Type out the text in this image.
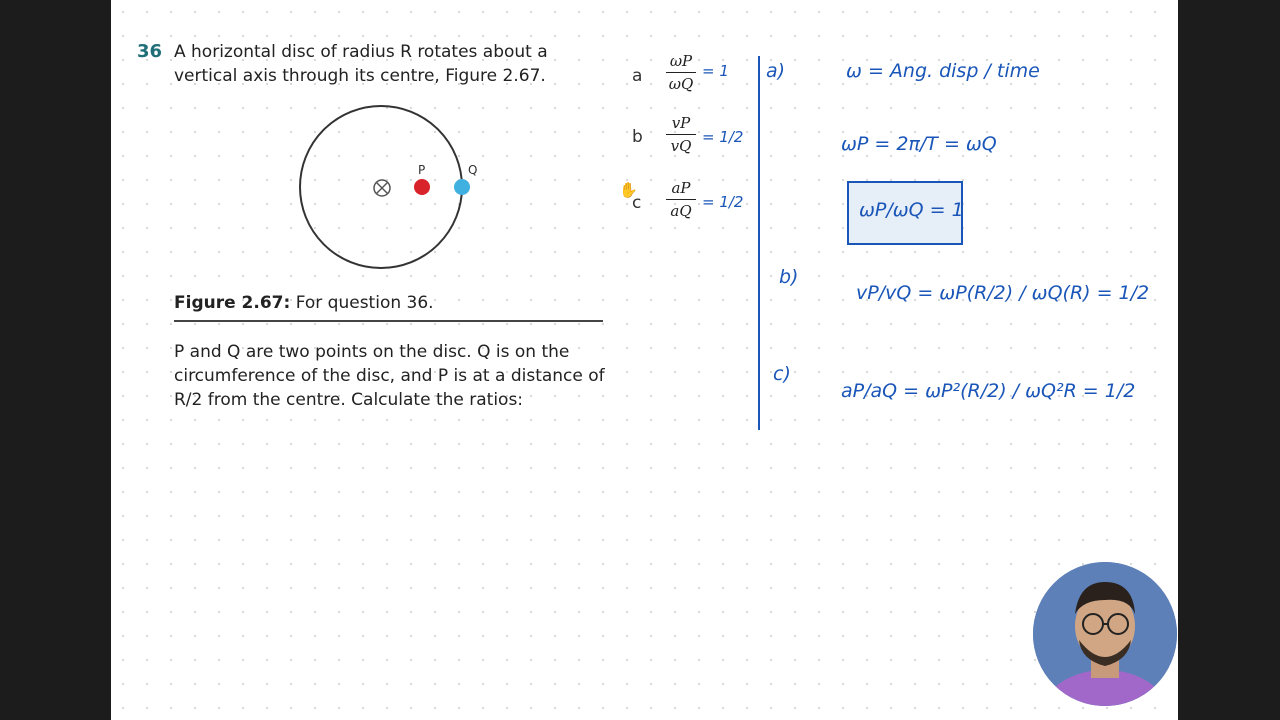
36 A horizontal disc of radius R rotates about a vertical axis through its centre, Figure 2.67.
P	Q
Figure 2.67: For question 36.
P and Q are two points on the disc. Q is on the circumference of the disc, and P is at a distance of R/2 from the centre. Calculate the ratios:
a
ωP
ωQ
= 1
b
vP
vQ = 1/2
✋
c
aP
aQ = 1/2
a)	ω = Ang. disp / time
ωP = 2π/T = ωQ
ωP/ωQ = 1
b)
vP/vQ = ωP(R/2) / ωQ(R) = 1/2
c)
aP/aQ = ωP²(R/2) / ωQ²R = 1/2
